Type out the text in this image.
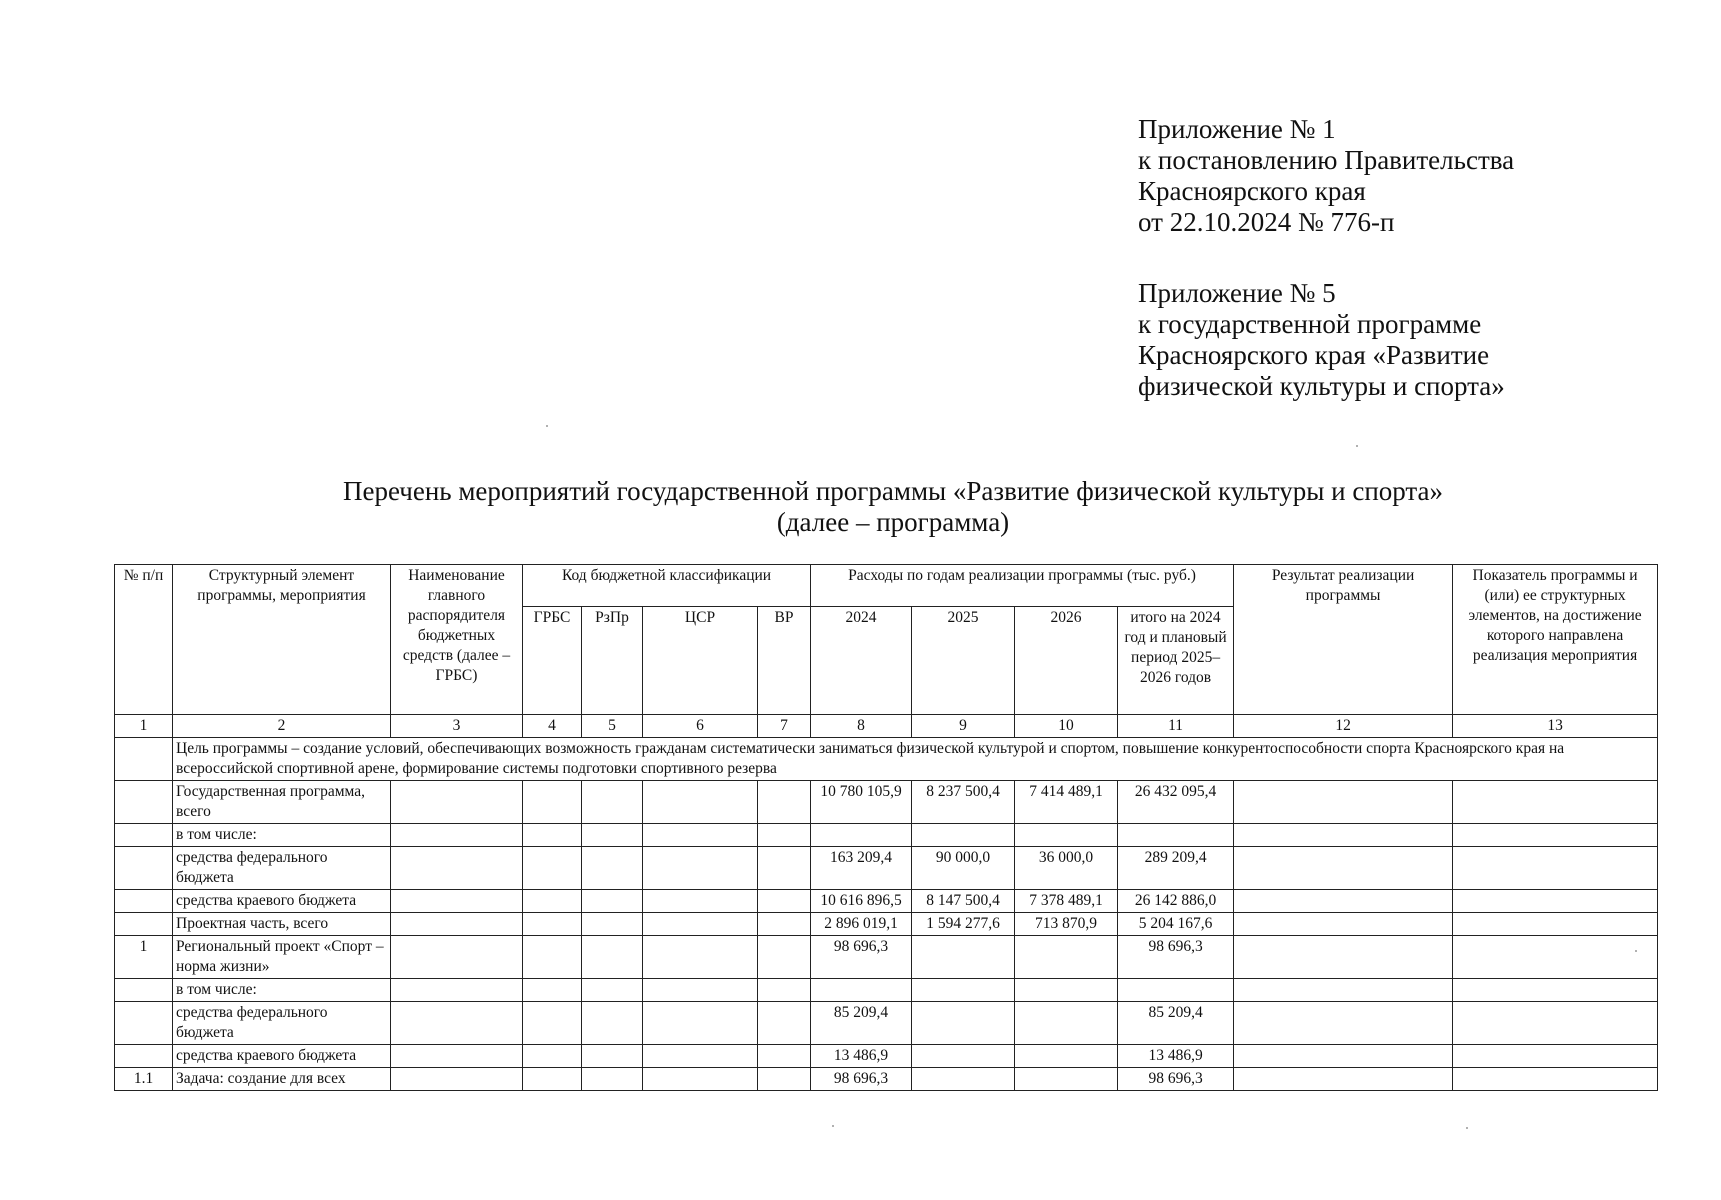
Приложение № 1
к постановлению Правительства
Красноярского края
от 22.10.2024 № 776-п
Приложение № 5
к государственной программе
Красноярского края «Развитие
физической культуры и спорта»
Перечень мероприятий государственной программы «Развитие физической культуры и спорта»
(далее – программа)
№ п/п	Структурный элемент программы, мероприятия	Наименование главного распорядителя бюджетных средств (далее – ГРБС)	Код бюджетной классификации				Расходы по годам реализации программы (тыс. руб.)				Результат реализации программы	Показатель программы и (или) ее структурных элементов, на достижение которого направлена реализация мероприятия
			ГРБС	РзПр	ЦСР	ВР	2024	2025	2026	итого на 2024 год и плановый период 2025–2026 годов		
1	2	3	4	5	6	7	8	9	10	11	12	13
	Цель программы – создание условий, обеспечивающих возможность гражданам систематически заниматься физической культурой и спортом, повышение конкурентоспособности спорта Красноярского края на всероссийской спортивной арене, формирование системы подготовки спортивного резерва											
	Государственная программа, всего						10 780 105,9	8 237 500,4	7 414 489,1	26 432 095,4		
	в том числе:											
	средства федерального бюджета						163 209,4	90 000,0	36 000,0	289 209,4		
	средства краевого бюджета						10 616 896,5	8 147 500,4	7 378 489,1	26 142 886,0		
	Проектная часть, всего						2 896 019,1	1 594 277,6	713 870,9	5 204 167,6		
1	Региональный проект «Спорт – норма жизни»						98 696,3			98 696,3		
	в том числе:											
	средства федерального бюджета						85 209,4			85 209,4		
	средства краевого бюджета						13 486,9			13 486,9		
1.1	Задача: создание для всех						98 696,3			98 696,3		
